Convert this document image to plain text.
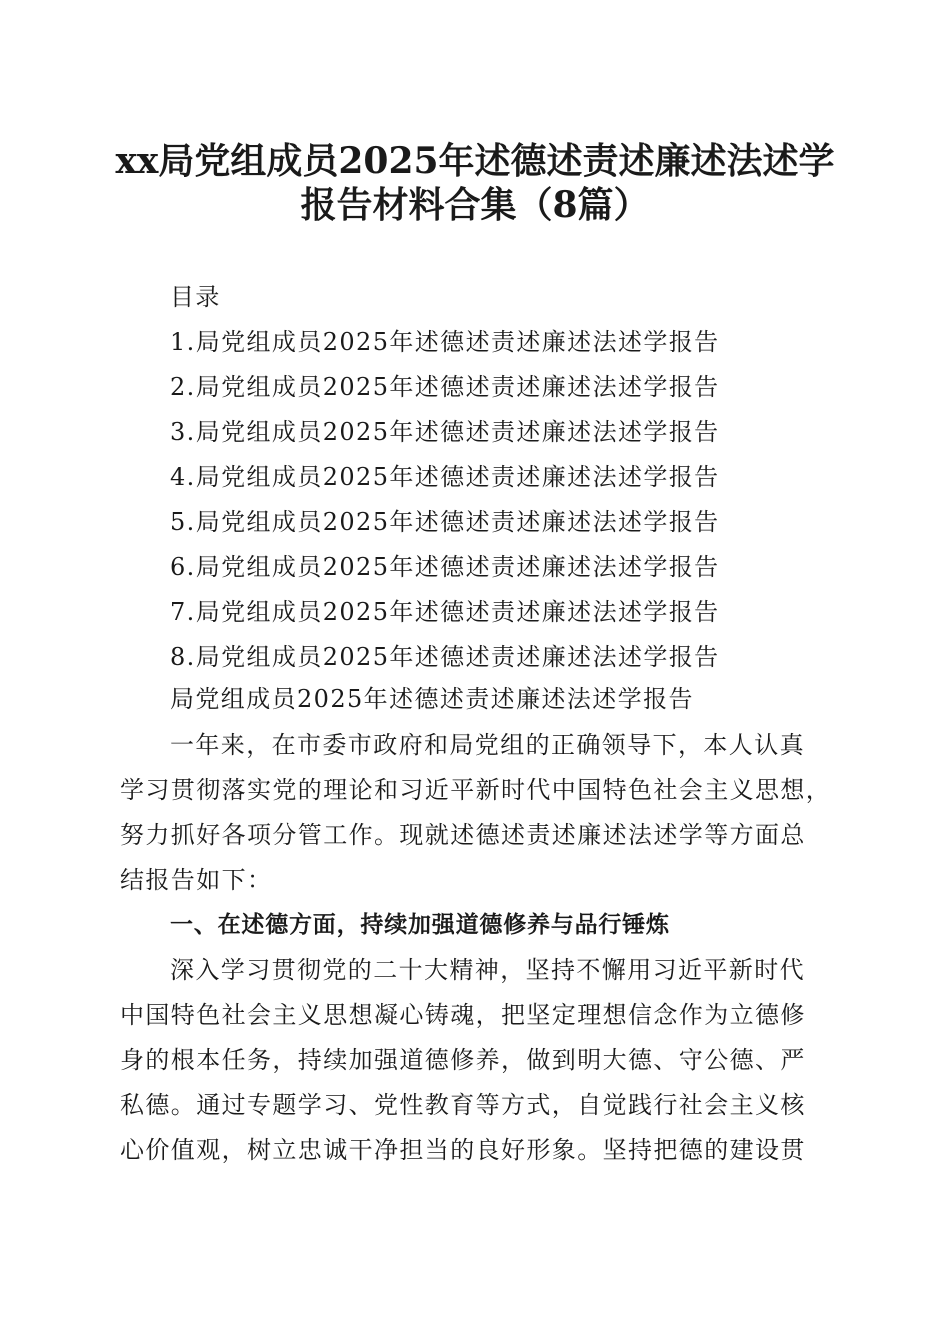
xx局党组成员2025年述德述责述廉述法述学
报告材料合集（8篇）
目录
1.局党组成员2025年述德述责述廉述法述学报告
2.局党组成员2025年述德述责述廉述法述学报告
3.局党组成员2025年述德述责述廉述法述学报告
4.局党组成员2025年述德述责述廉述法述学报告
5.局党组成员2025年述德述责述廉述法述学报告
6.局党组成员2025年述德述责述廉述法述学报告
7.局党组成员2025年述德述责述廉述法述学报告
8.局党组成员2025年述德述责述廉述法述学报告
局党组成员2025年述德述责述廉述法述学报告
一年来，在市委市政府和局党组的正确领导下，本人认真
学习贯彻落实党的理论和习近平新时代中国特色社会主义思想，
努力抓好各项分管工作。现就述德述责述廉述法述学等方面总
结报告如下：
一、在述德方面，持续加强道德修养与品行锤炼
深入学习贯彻党的二十大精神，坚持不懈用习近平新时代
中国特色社会主义思想凝心铸魂，把坚定理想信念作为立德修
身的根本任务，持续加强道德修养，做到明大德、守公德、严
私德。通过专题学习、党性教育等方式，自觉践行社会主义核
心价值观，树立忠诚干净担当的良好形象。坚持把德的建设贯
